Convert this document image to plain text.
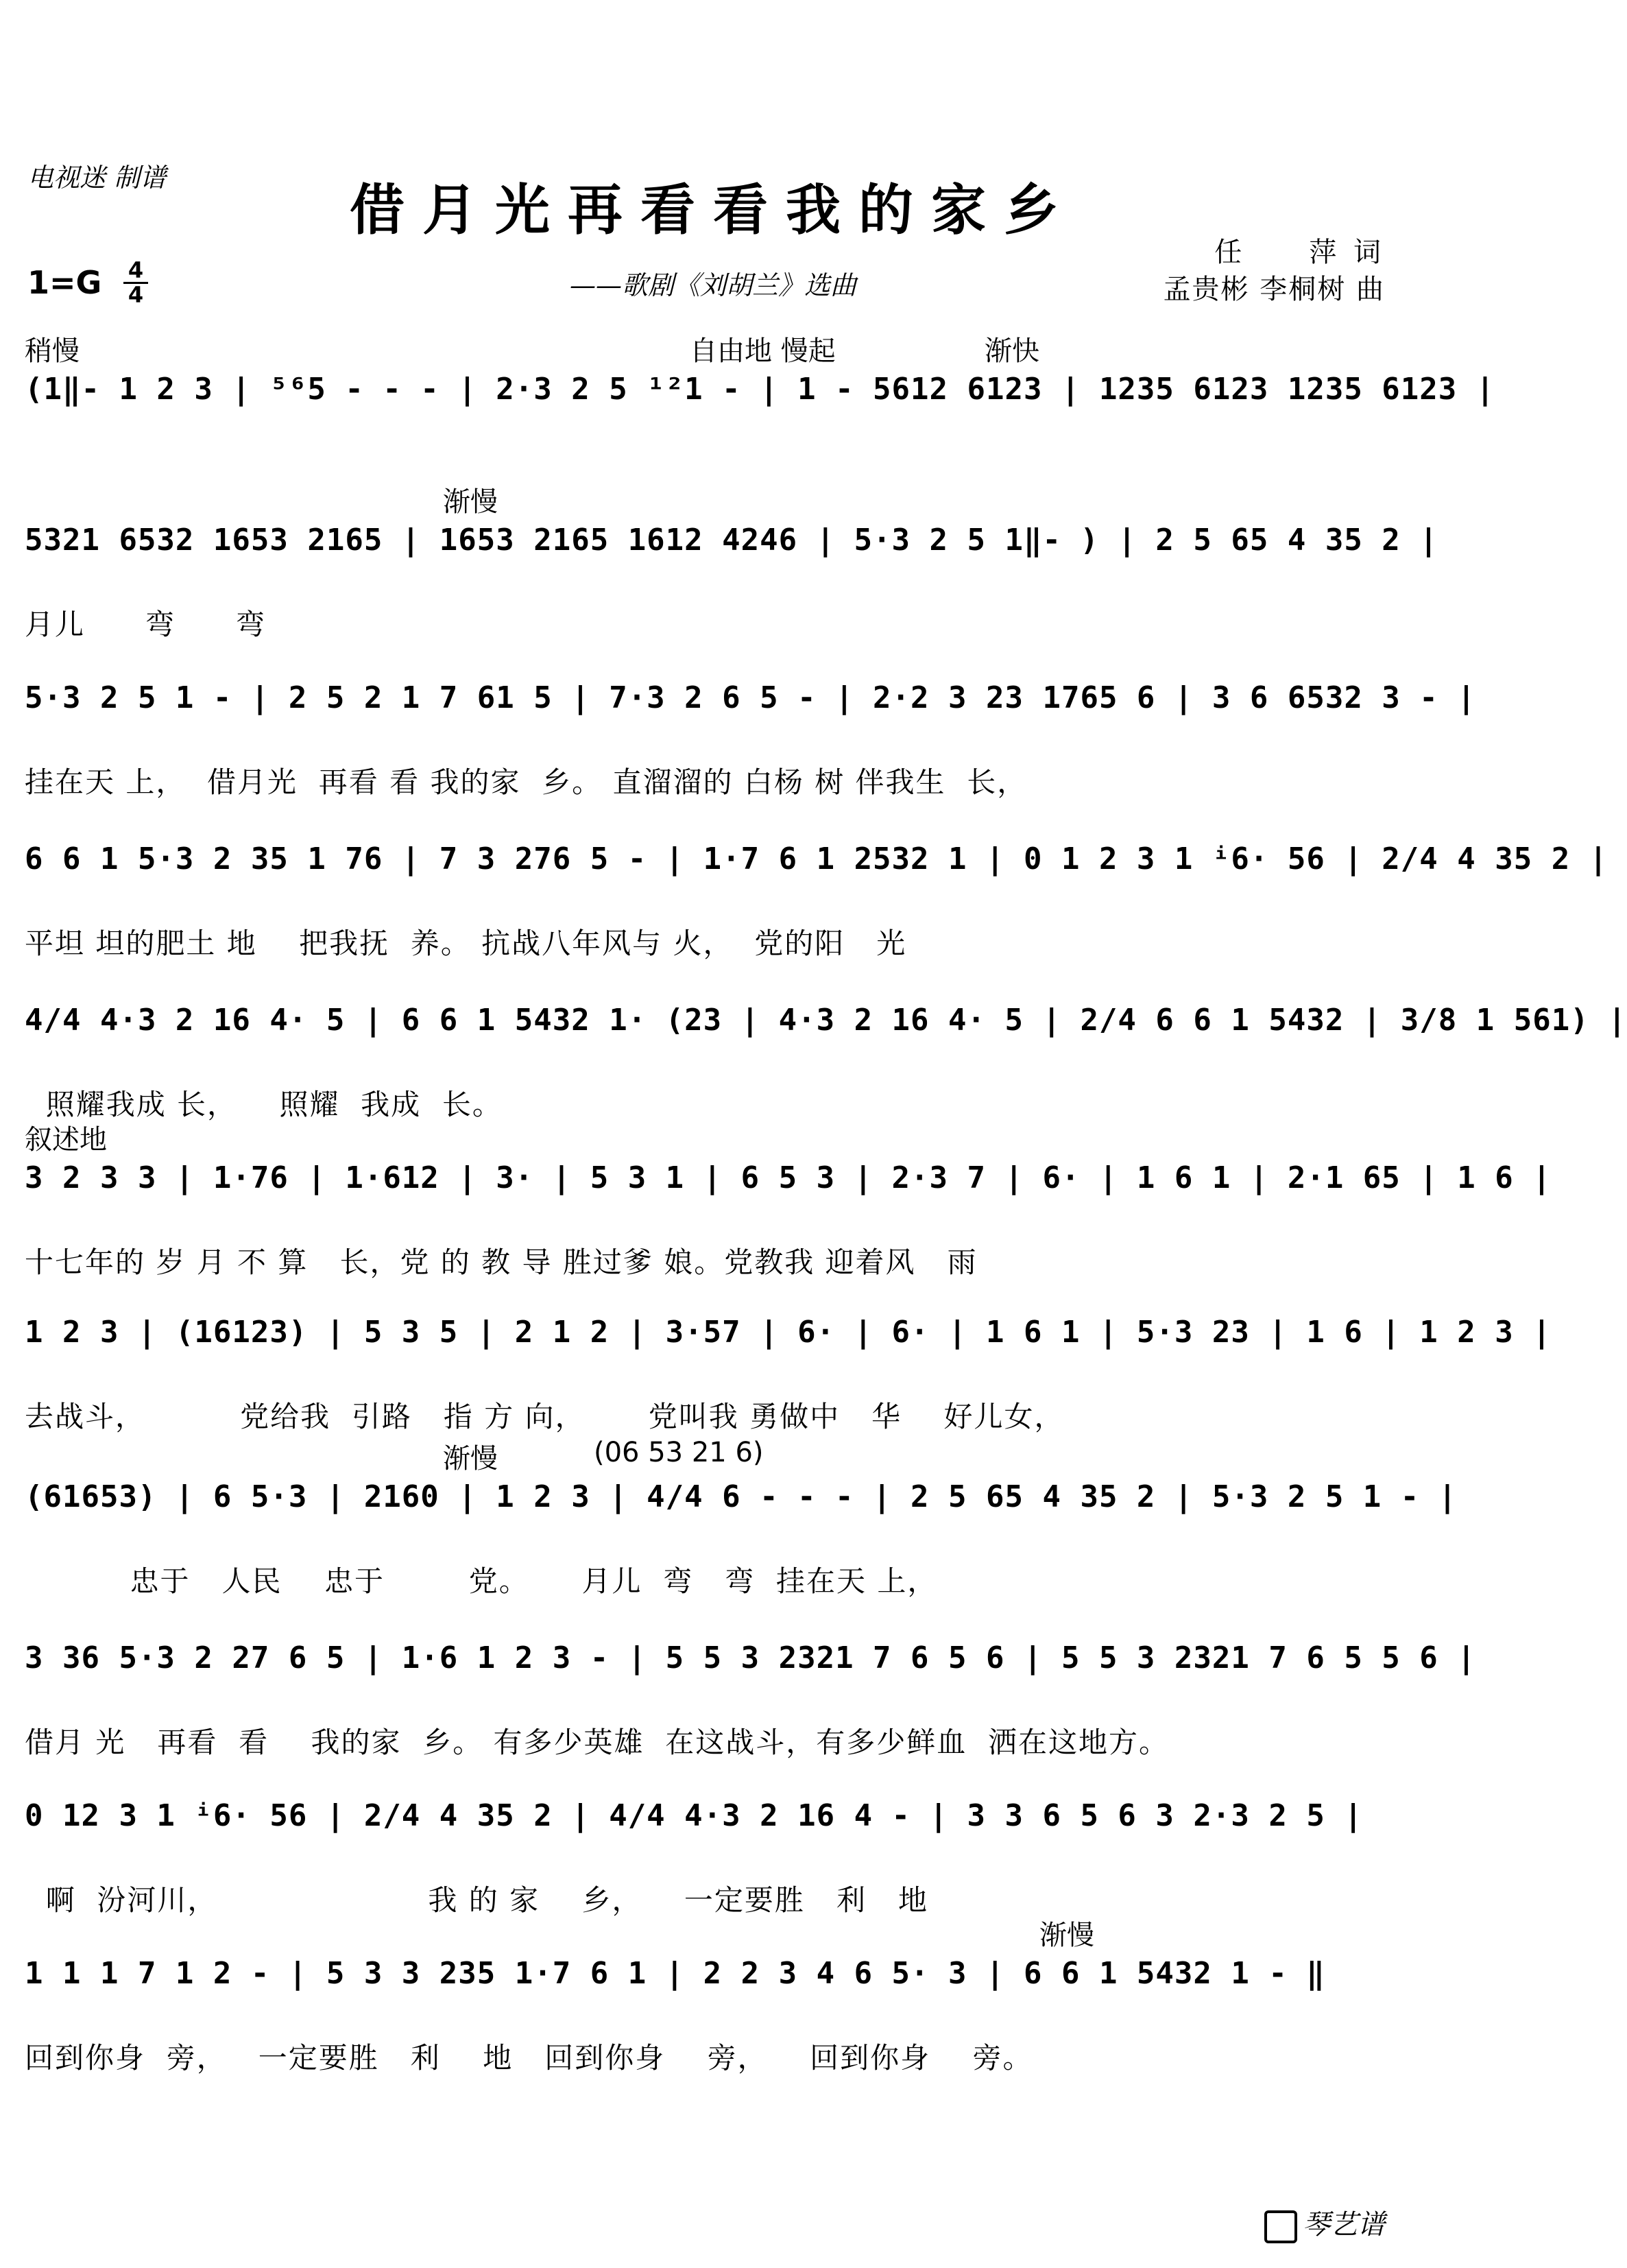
电视迷 制谱	借月光再看看我的家乡
——歌剧《刘胡兰》选曲
任　　萍 词
孟贵彬 李桐树 曲
1=G 4
4
稍慢	自由地 慢起	渐快
(1‖- 1 2 3 | ⁵⁶5 - - - | 2·3 2 5 ¹²1 - | 1 - 5612 6123 | 1235 6123 1235 6123 |
渐慢
5321 6532 1653 2165 | 1653 2165 1612 4246 | 5·3 2 5 1‖- ) | 2 5 65 4 35 2 |
月儿　　弯　　弯
5·3 2 5 1 - | 2 5 2 1 7 61 5 | 7·3 2 6 5 - | 2·2 3 23 1765 6 | 3 6 6532 3 - |
挂在天 上，  借月光  再看 看 我的家  乡。 直溜溜的 白杨 树 伴我生  长，
6 6 1 5·3 2 35 1 76 | 7 3 276 5 - | 1·7 6 1 2532 1 | 0 1 2 3 1 ⁱ6· 56 | 2/4 4 35 2 |
平坦 坦的肥土 地    把我抚  养。 抗战八年风与 火，  党的阳   光
4/4 4·3 2 16 4· 5 | 6 6 1 5432 1· (23 | 4·3 2 16 4· 5 | 2/4 6 6 1 5432 | 3/8 1 561) |
照耀我成 长，    照耀  我成  长。
叙述地
3 2 3 3 | 1·76 | 1·612 | 3· | 5 3 1 | 6 5 3 | 2·3 7 | 6· | 1 6 1 | 2·1 65 | 1 6 |
十七年的 岁 月 不 算   长，党 的 教 导 胜过爹 娘。党教我 迎着风   雨
1 2 3 | (16123) | 5 3 5 | 2 1 2 | 3·57 | 6· | 6· | 1 6 1 | 5·3 23 | 1 6 | 1 2 3 |
去战斗，         党给我  引路   指 方 向，      党叫我 勇做中   华    好儿女，
渐慢	(06 53 21 6)
(61653) | 6 5·3 | 2160 | 1 2 3 | 4/4 6 - - - | 2 5 65 4 35 2 | 5·3 2 5 1 - |
忠于   人民    忠于        党。     月儿  弯   弯  挂在天 上，
3 36 5·3 2 27 6 5 | 1·6 1 2 3 - | 5 5 3 2321 7 6 5 6 | 5 5 3 2321 7 6 5 5 6 |
借月 光   再看  看    我的家  乡。 有多少英雄  在这战斗，有多少鲜血  洒在这地方。
0 12 3 1 ⁱ6· 56 | 2/4 4 35 2 | 4/4 4·3 2 16 4 - | 3 3 6 5 6 3 2·3 2 5 |
啊  汾河川，                    我 的 家    乡，    一定要胜   利   地
渐慢
1 1 1 7 1 2 - | 5 3 3 235 1·7 6 1 | 2 2 3 4 6 5· 3 | 6 6 1 5432 1 - ‖
回到你身  旁，   一定要胜   利    地   回到你身    旁，    回到你身    旁。
琴艺谱
